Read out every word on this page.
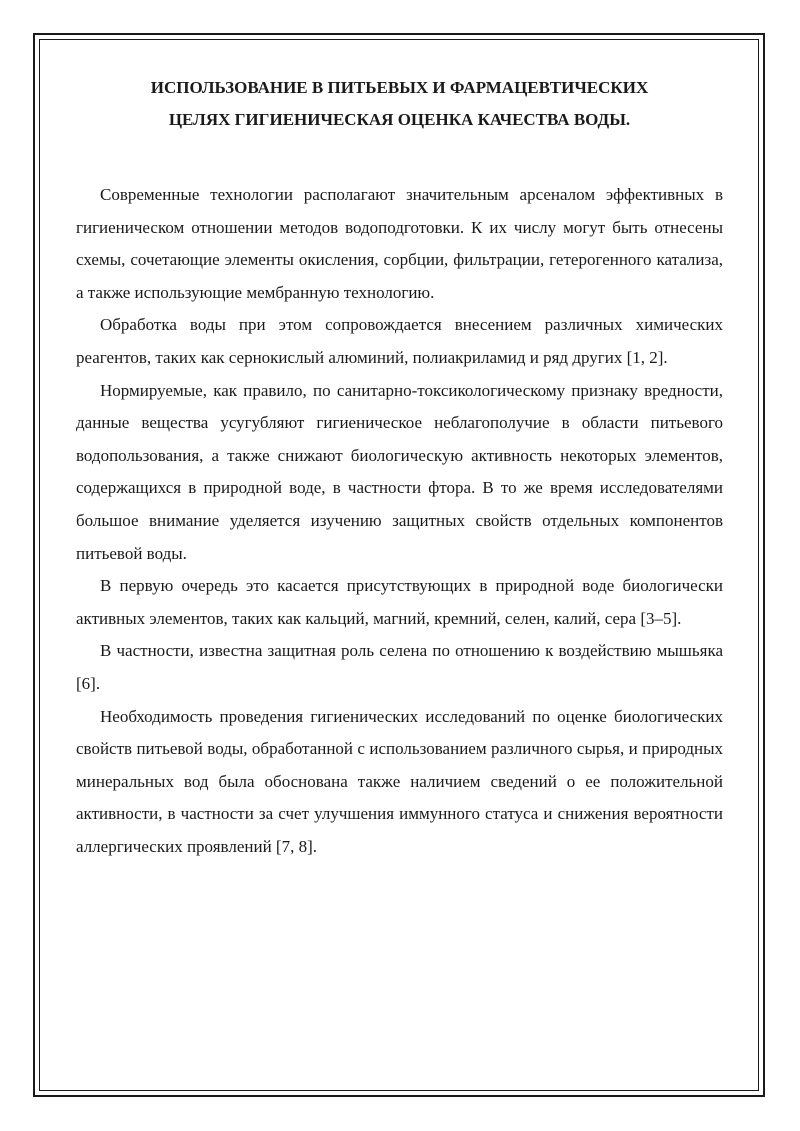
ИСПОЛЬЗОВАНИЕ В ПИТЬЕВЫХ И ФАРМАЦЕВТИЧЕСКИХ
ЦЕЛЯХ ГИГИЕНИЧЕСКАЯ ОЦЕНКА КАЧЕСТВА ВОДЫ.

Современные технологии располагают значительным арсеналом эффективных в гигиеническом отношении методов водоподготовки. К их числу могут быть отнесены схемы, сочетающие элементы окисления, сорбции, фильтрации, гетерогенного катализа, а также использующие мембранную технологию.

Обработка воды при этом сопровождается внесением различных химических реагентов, таких как сернокислый алюминий, полиакриламид и ряд других [1, 2].

Нормируемые, как правило, по санитарно-токсикологическому признаку вредности, данные вещества усугубляют гигиеническое неблагополучие в области питьевого водопользования, а также снижают биологическую активность некоторых элементов, содержащихся в природной воде, в частности фтора. В то же время исследователями большое внимание уделяется изучению защитных свойств отдельных компонентов питьевой воды.

В первую очередь это касается присутствующих в природной воде биологически активных элементов, таких как кальций, магний, кремний, селен, калий, сера [3–5].

В частности, известна защитная роль селена по отношению к воздействию мышьяка [6].

Необходимость проведения гигиенических исследований по оценке биологических свойств питьевой воды, обработанной с использованием различного сырья, и природных минеральных вод была обоснована также наличием сведений о ее положительной активности, в частности за счет улучшения иммунного статуса и снижения вероятности аллергических проявлений [7, 8].
